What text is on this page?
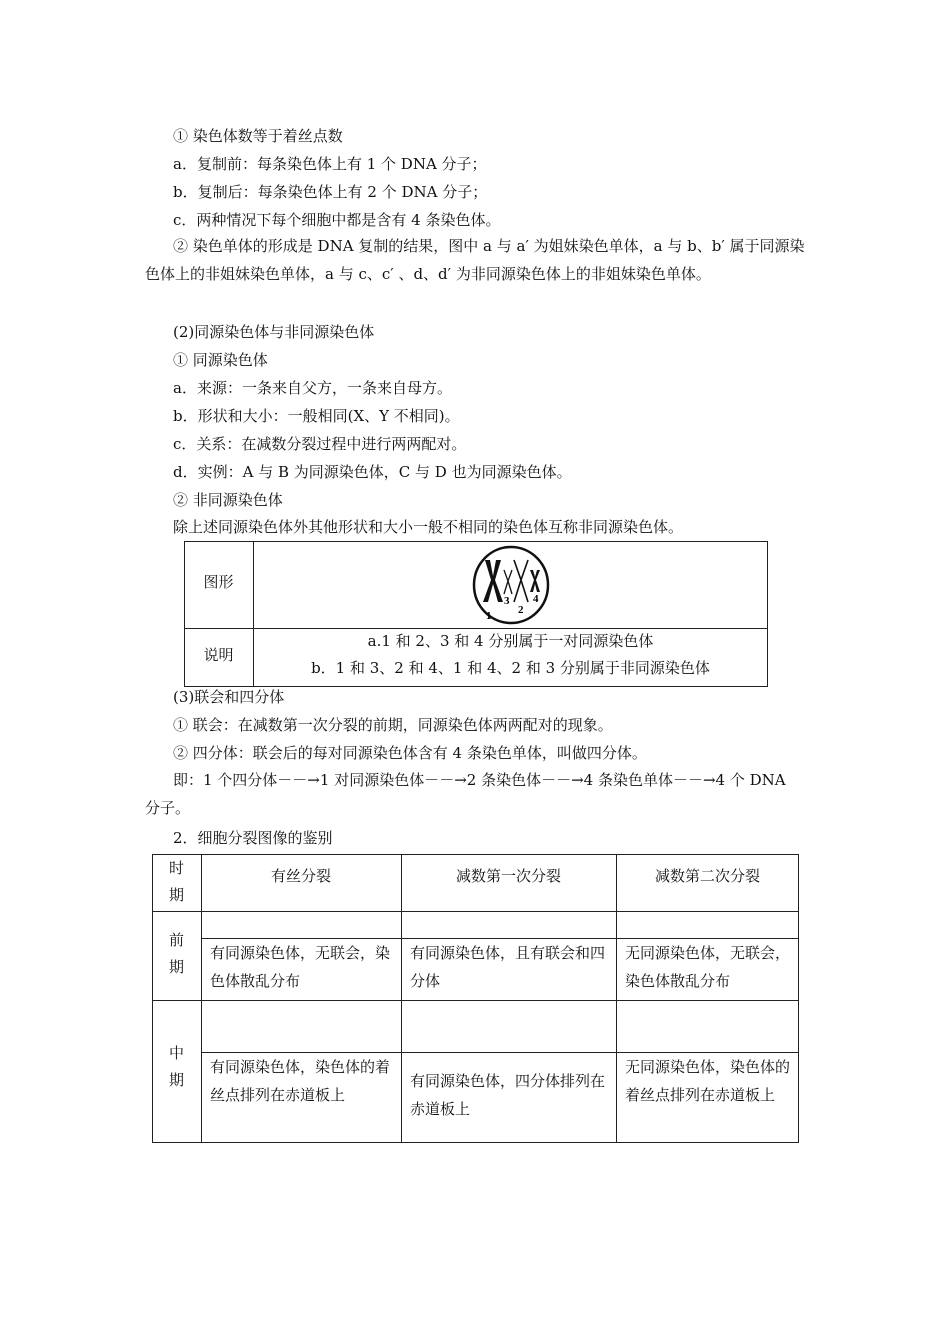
① 染色体数等于着丝点数
a．复制前：每条染色体上有 1 个 DNA 分子；
b．复制后：每条染色体上有 2 个 DNA 分子；
c．两种情况下每个细胞中都是含有 4 条染色体。
② 染色单体的形成是 DNA 复制的结果，图中 a 与 a′ 为姐妹染色单体，a 与 b、b′ 属于同源染色体上的非姐妹染色单体，a 与 c、c′ 、d、d′ 为非同源染色体上的非姐妹染色单体。
(2)同源染色体与非同源染色体
① 同源染色体
a．来源：一条来自父方，一条来自母方。
b．形状和大小：一般相同(X、Y 不相同)。
c．关系：在减数分裂过程中进行两两配对。
d．实例：A 与 B 为同源染色体，C 与 D 也为同源染色体。
② 非同源染色体
除上述同源染色体外其他形状和大小一般不相同的染色体互称非同源染色体。
图形
说明
1
3
2
4
a.1 和 2、3 和 4 分别属于一对同源染色体
b．1 和 3、2 和 4、1 和 4、2 和 3 分别属于非同源染色体
(3)联会和四分体
① 联会：在减数第一次分裂的前期，同源染色体两两配对的现象。
② 四分体：联会后的每对同源染色体含有 4 条染色单体，叫做四分体。
即：1 个四分体－－→1 对同源染色体－－→2 条染色体－－→4 条染色单体－－→4 个 DNA 分子。
2．细胞分裂图像的鉴别
时期
有丝分裂	减数第一次分裂	减数第二次分裂
前期
有同源染色体，无联会，染色体散乱分布
有同源染色体，且有联会和四分体
无同源染色体，无联会，染色体散乱分布
中期
有同源染色体，染色体的着丝点排列在赤道板上
有同源染色体，四分体排列在赤道板上
无同源染色体，染色体的着丝点排列在赤道板上
